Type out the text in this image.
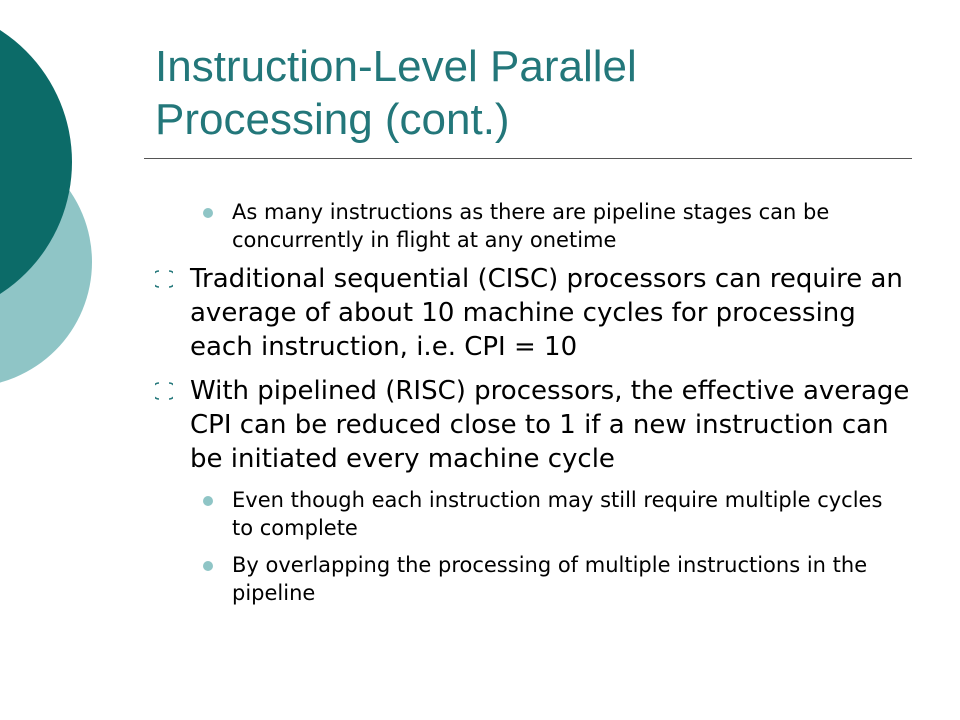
Instruction-Level Parallel
Processing (cont.)
As many instructions as there are pipeline stages can be concurrently in flight at any onetime
Traditional sequential (CISC) processors can require an average of about 10 machine cycles for processing each instruction, i.e. CPI = 10
With pipelined (RISC) processors, the effective average CPI can be reduced close to 1 if a new instruction can be initiated every machine cycle
Even though each instruction may still require multiple cycles to complete
By overlapping the processing of multiple instructions in the pipeline
